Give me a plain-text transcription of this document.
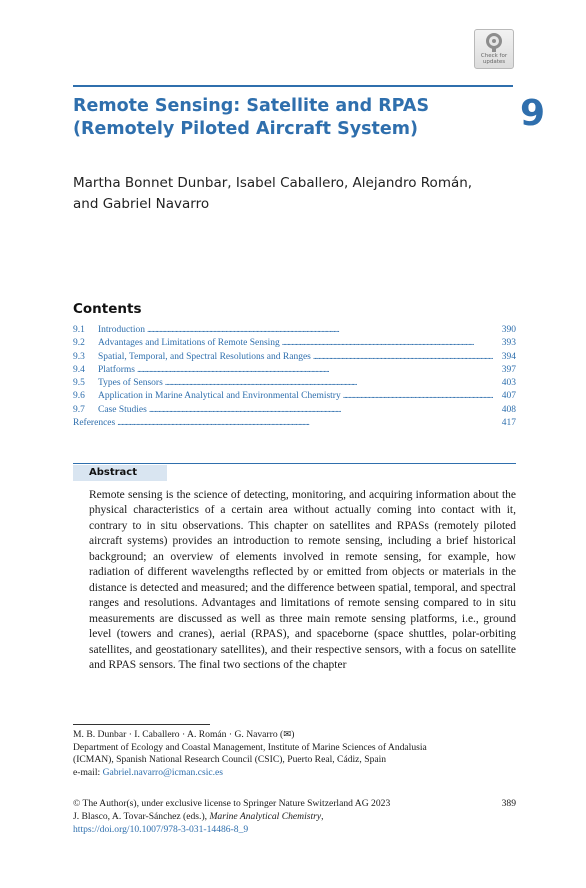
Check for
updates
Remote Sensing: Satellite and RPAS
(Remotely Piloted Aircraft System)	9
Martha Bonnet Dunbar, Isabel Caballero, Alejandro Román,
and Gabriel Navarro
Contents
9.1	Introduction . . .	390
9.2	Advantages and Limitations of Remote Sensing . . .	393
9.3	Spatial, Temporal, and Spectral Resolutions and Ranges . . .	394
9.4	Platforms . . .	397
9.5	Types of Sensors . . .	403
9.6	Application in Marine Analytical and Environmental Chemistry . . .	407
9.7	Case Studies . . .	408
References . . .	417
Abstract

Remote sensing is the science of detecting, monitoring, and acquiring information about the physical characteristics of a certain area without actually coming into contact with it, contrary to in situ observations. This chapter on satellites and RPASs (remotely piloted aircraft systems) provides an introduction to remote sensing, including a brief historical background; an overview of elements involved in remote sensing, for example, how radiation of different wavelengths reflected by or emitted from objects or materials in the distance is detected and measured; and the difference between spatial, temporal, and spectral ranges and resolutions. Advantages and limitations of remote sensing compared to in situ measurements are discussed as well as three main remote sensing platforms, i.e., ground level (towers and cranes), aerial (RPAS), and spaceborne (space shuttles, polar-orbiting satellites, and geostationary satellites), and their respective sensors, with a focus on satellite and RPAS sensors. The final two sections of the chapter

M. B. Dunbar · I. Caballero · A. Román · G. Navarro (✉)

Department of Ecology and Coastal Management, Institute of Marine Sciences of Andalusia

(ICMAN), Spanish National Research Council (CSIC), Puerto Real, Cádiz, Spain

e-mail: Gabriel.navarro@icman.csic.es

© The Author(s), under exclusive license to Springer Nature Switzerland AG 2023

J. Blasco, A. Tovar-Sánchez (eds.), Marine Analytical Chemistry,

https://doi.org/10.1007/978-3-031-14486-8_9

389
